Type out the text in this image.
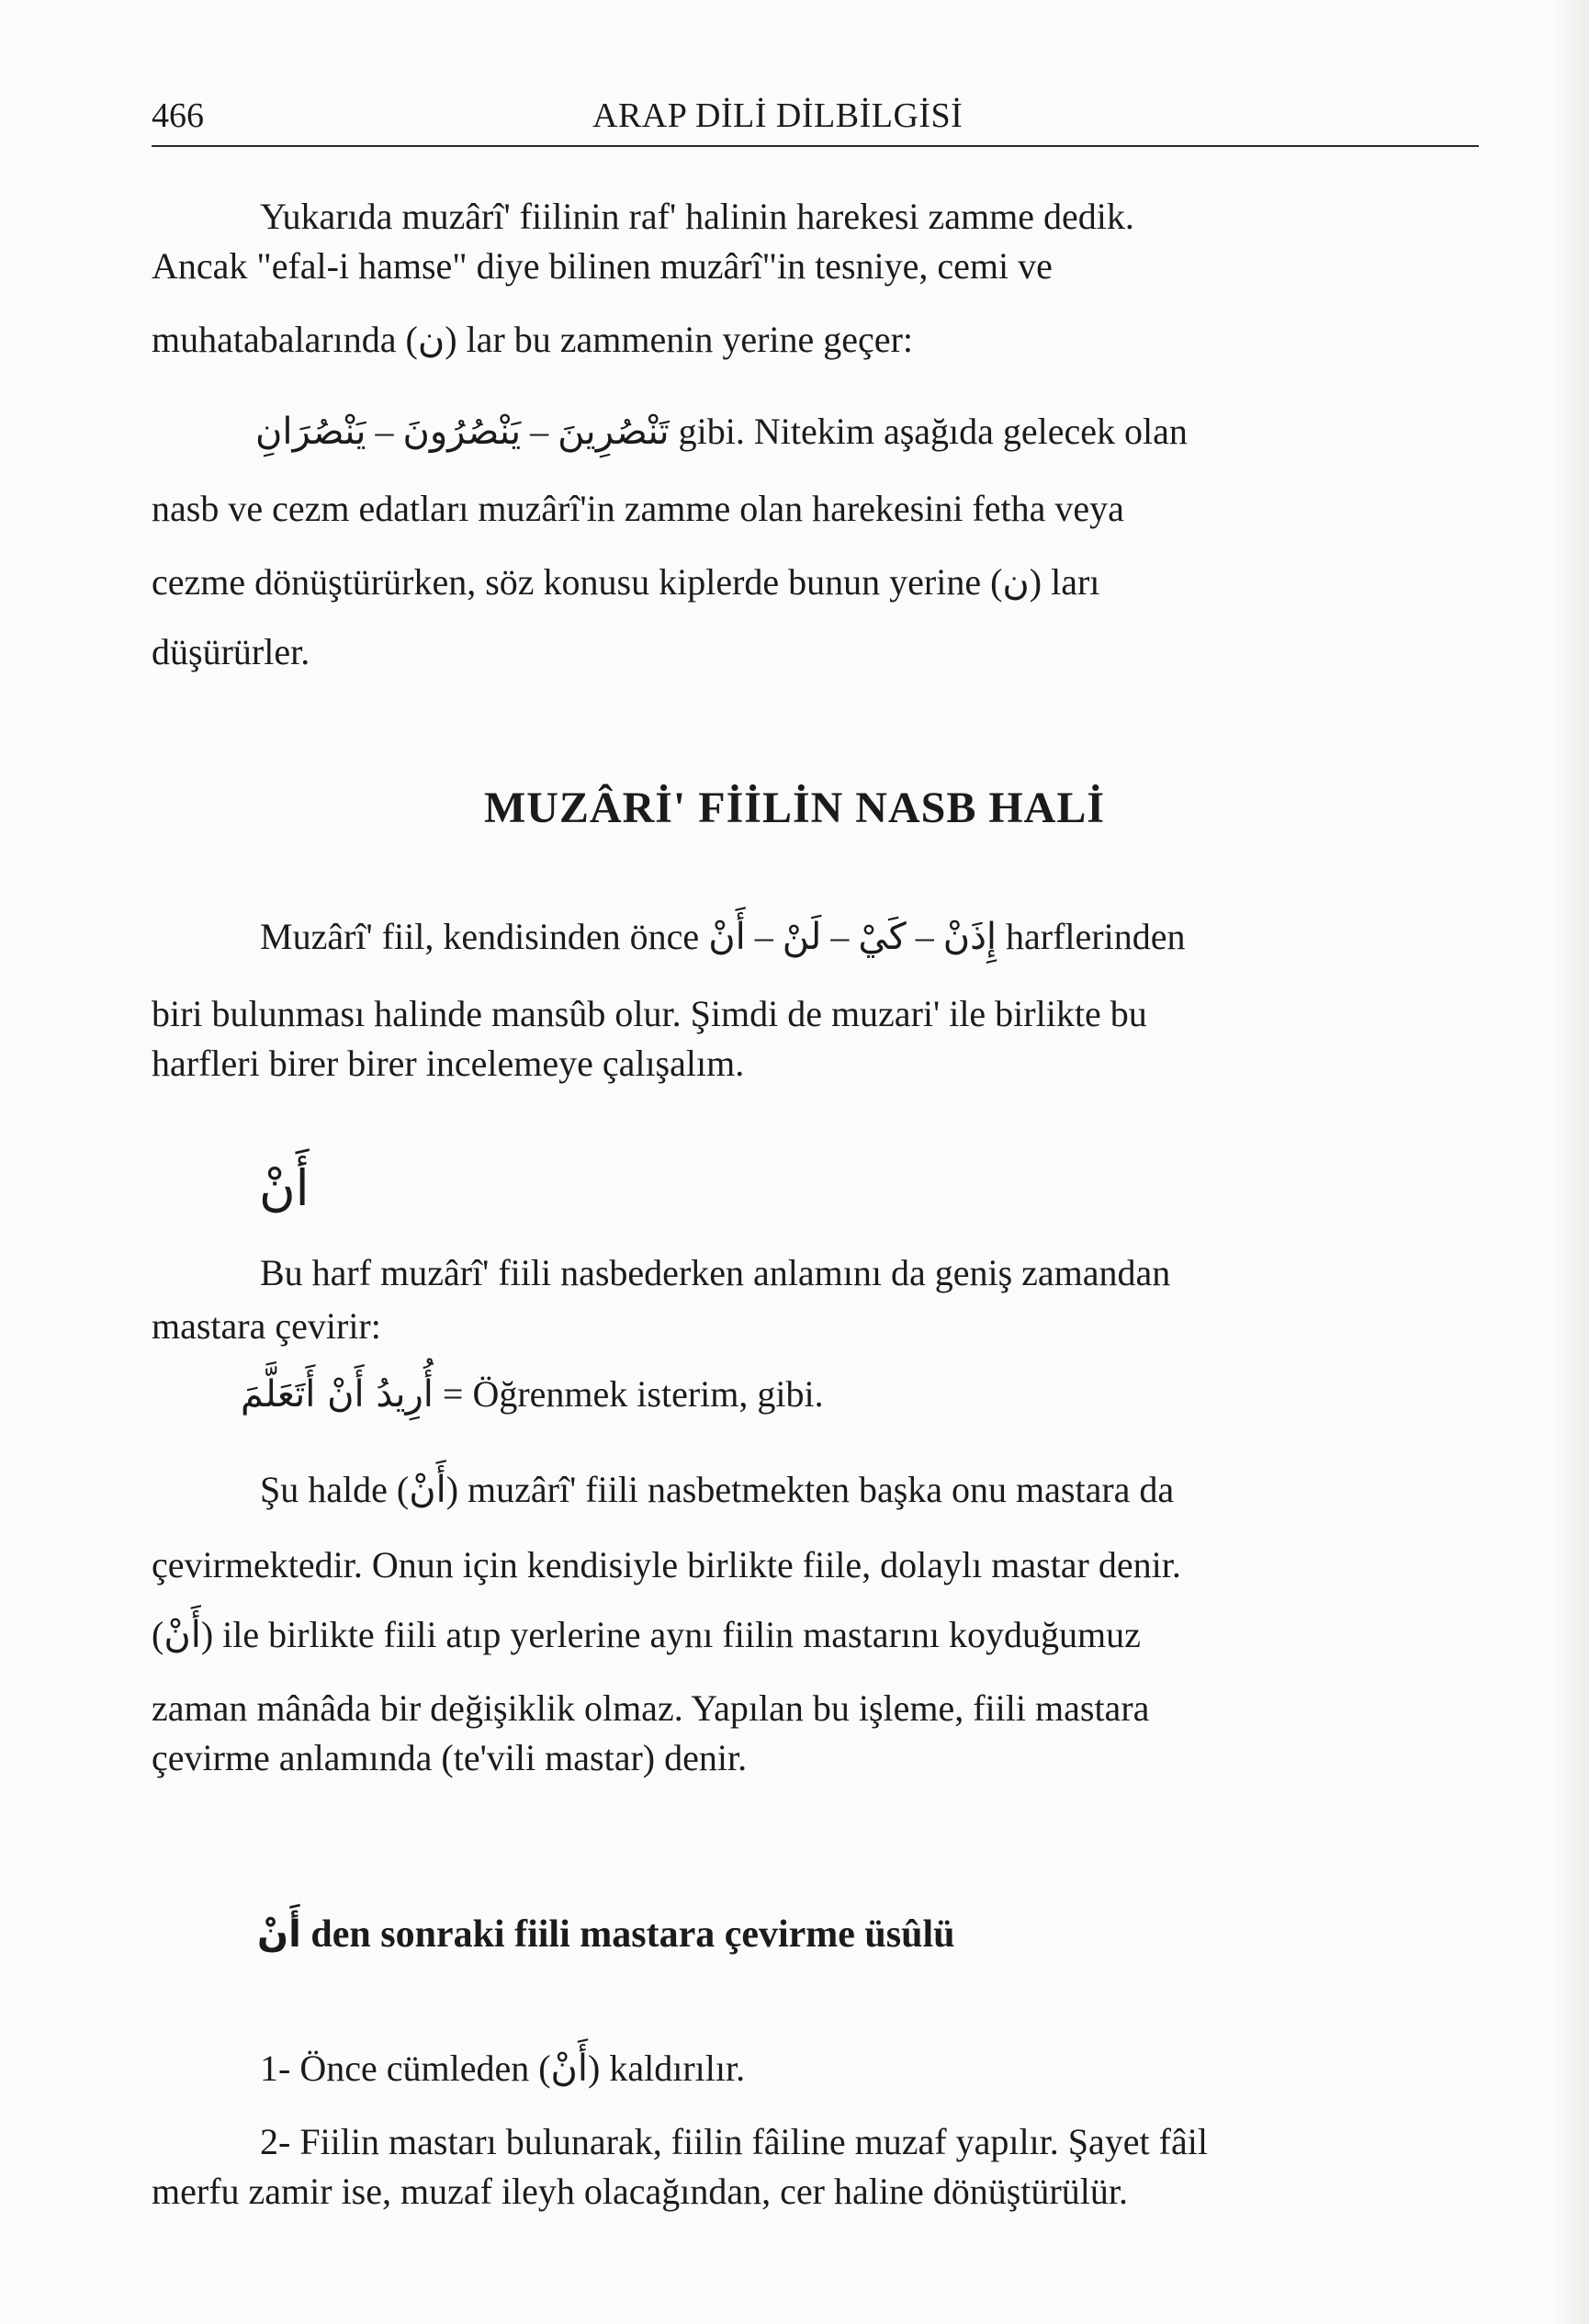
466	ARAP DİLİ DİLBİLGİSİ
Yukarıda muzârî' fiilinin raf' halinin harekesi zamme dedik.
Ancak "efal-i hamse" diye bilinen muzârî"in tesniye, cemi ve
muhatabalarında (ن) lar bu zammenin yerine geçer:
يَنْصُرَانِ – يَنْصُرُونَ – تَنْصُرِينَ gibi. Nitekim aşağıda gelecek olan
nasb ve cezm edatları muzârî'in zamme olan harekesini fetha veya
cezme dönüştürürken, söz konusu kiplerde bunun yerine (ن) ları
düşürürler.
MUZÂRİ' FİİLİN NASB HALİ
Muzârî' fiil, kendisinden önce أَنْ – لَنْ – كَيْ – إِذَنْ harflerinden
biri bulunması halinde mansûb olur. Şimdi de muzari' ile birlikte bu
harfleri birer birer incelemeye çalışalım.
أَنْ
Bu harf muzârî' fiili nasbederken anlamını da geniş zamandan
mastara çevirir:
أُرِيدُ أَنْ أَتَعَلَّمَ = Öğrenmek isterim, gibi.
Şu halde (أَنْ) muzârî' fiili nasbetmekten başka onu mastara da
çevirmektedir. Onun için kendisiyle birlikte fiile, dolaylı mastar denir.
(أَنْ) ile birlikte fiili atıp yerlerine aynı fiilin mastarını koyduğumuz
zaman mânâda bir değişiklik olmaz. Yapılan bu işleme, fiili mastara
çevirme anlamında (te'vili mastar) denir.
أَنْ den sonraki fiili mastara çevirme üsûlü
1- Önce cümleden (أَنْ) kaldırılır.
2- Fiilin mastarı bulunarak, fiilin fâiline muzaf yapılır. Şayet fâil
merfu zamir ise, muzaf ileyh olacağından, cer haline dönüştürülür.
